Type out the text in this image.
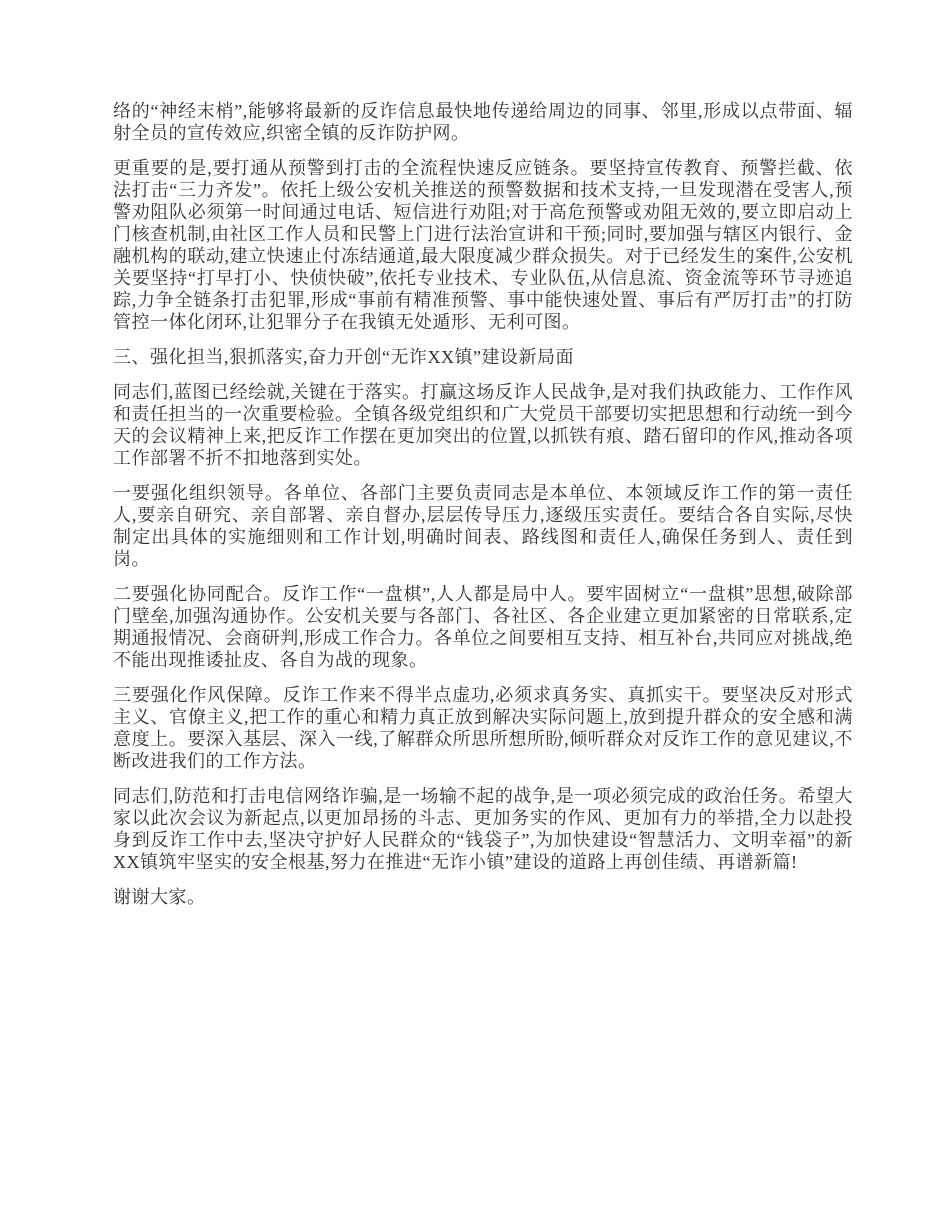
络的“神经末梢”,能够将最新的反诈信息最快地传递给周边的同事、邻里,形成以点带面、辐射全员的宣传效应,织密全镇的反诈防护网。

更重要的是,要打通从预警到打击的全流程快速反应链条。要坚持宣传教育、预警拦截、依法打击“三力齐发”。依托上级公安机关推送的预警数据和技术支持,一旦发现潜在受害人,预警劝阻队必须第一时间通过电话、短信进行劝阻;对于高危预警或劝阻无效的,要立即启动上门核查机制,由社区工作人员和民警上门进行法治宣讲和干预;同时,要加强与辖区内银行、金融机构的联动,建立快速止付冻结通道,最大限度减少群众损失。对于已经发生的案件,公安机关要坚持“打早打小、快侦快破”,依托专业技术、专业队伍,从信息流、资金流等环节寻迹追踪,力争全链条打击犯罪,形成“事前有精准预警、事中能快速处置、事后有严厉打击”的打防管控一体化闭环,让犯罪分子在我镇无处遁形、无利可图。

三、强化担当,狠抓落实,奋力开创“无诈XX镇”建设新局面

同志们,蓝图已经绘就,关键在于落实。打赢这场反诈人民战争,是对我们执政能力、工作作风和责任担当的一次重要检验。全镇各级党组织和广大党员干部要切实把思想和行动统一到今天的会议精神上来,把反诈工作摆在更加突出的位置,以抓铁有痕、踏石留印的作风,推动各项工作部署不折不扣地落到实处。

一要强化组织领导。各单位、各部门主要负责同志是本单位、本领域反诈工作的第一责任人,要亲自研究、亲自部署、亲自督办,层层传导压力,逐级压实责任。要结合各自实际,尽快制定出具体的实施细则和工作计划,明确时间表、路线图和责任人,确保任务到人、责任到岗。

二要强化协同配合。反诈工作“一盘棋”,人人都是局中人。要牢固树立“一盘棋”思想,破除部门壁垒,加强沟通协作。公安机关要与各部门、各社区、各企业建立更加紧密的日常联系,定期通报情况、会商研判,形成工作合力。各单位之间要相互支持、相互补台,共同应对挑战,绝不能出现推诿扯皮、各自为战的现象。

三要强化作风保障。反诈工作来不得半点虚功,必须求真务实、真抓实干。要坚决反对形式主义、官僚主义,把工作的重心和精力真正放到解决实际问题上,放到提升群众的安全感和满意度上。要深入基层、深入一线,了解群众所思所想所盼,倾听群众对反诈工作的意见建议,不断改进我们的工作方法。

同志们,防范和打击电信网络诈骗,是一场输不起的战争,是一项必须完成的政治任务。希望大家以此次会议为新起点,以更加昂扬的斗志、更加务实的作风、更加有力的举措,全力以赴投身到反诈工作中去,坚决守护好人民群众的“钱袋子”,为加快建设“智慧活力、文明幸福”的新XX镇筑牢坚实的安全根基,努力在推进“无诈小镇”建设的道路上再创佳绩、再谱新篇!

谢谢大家。
